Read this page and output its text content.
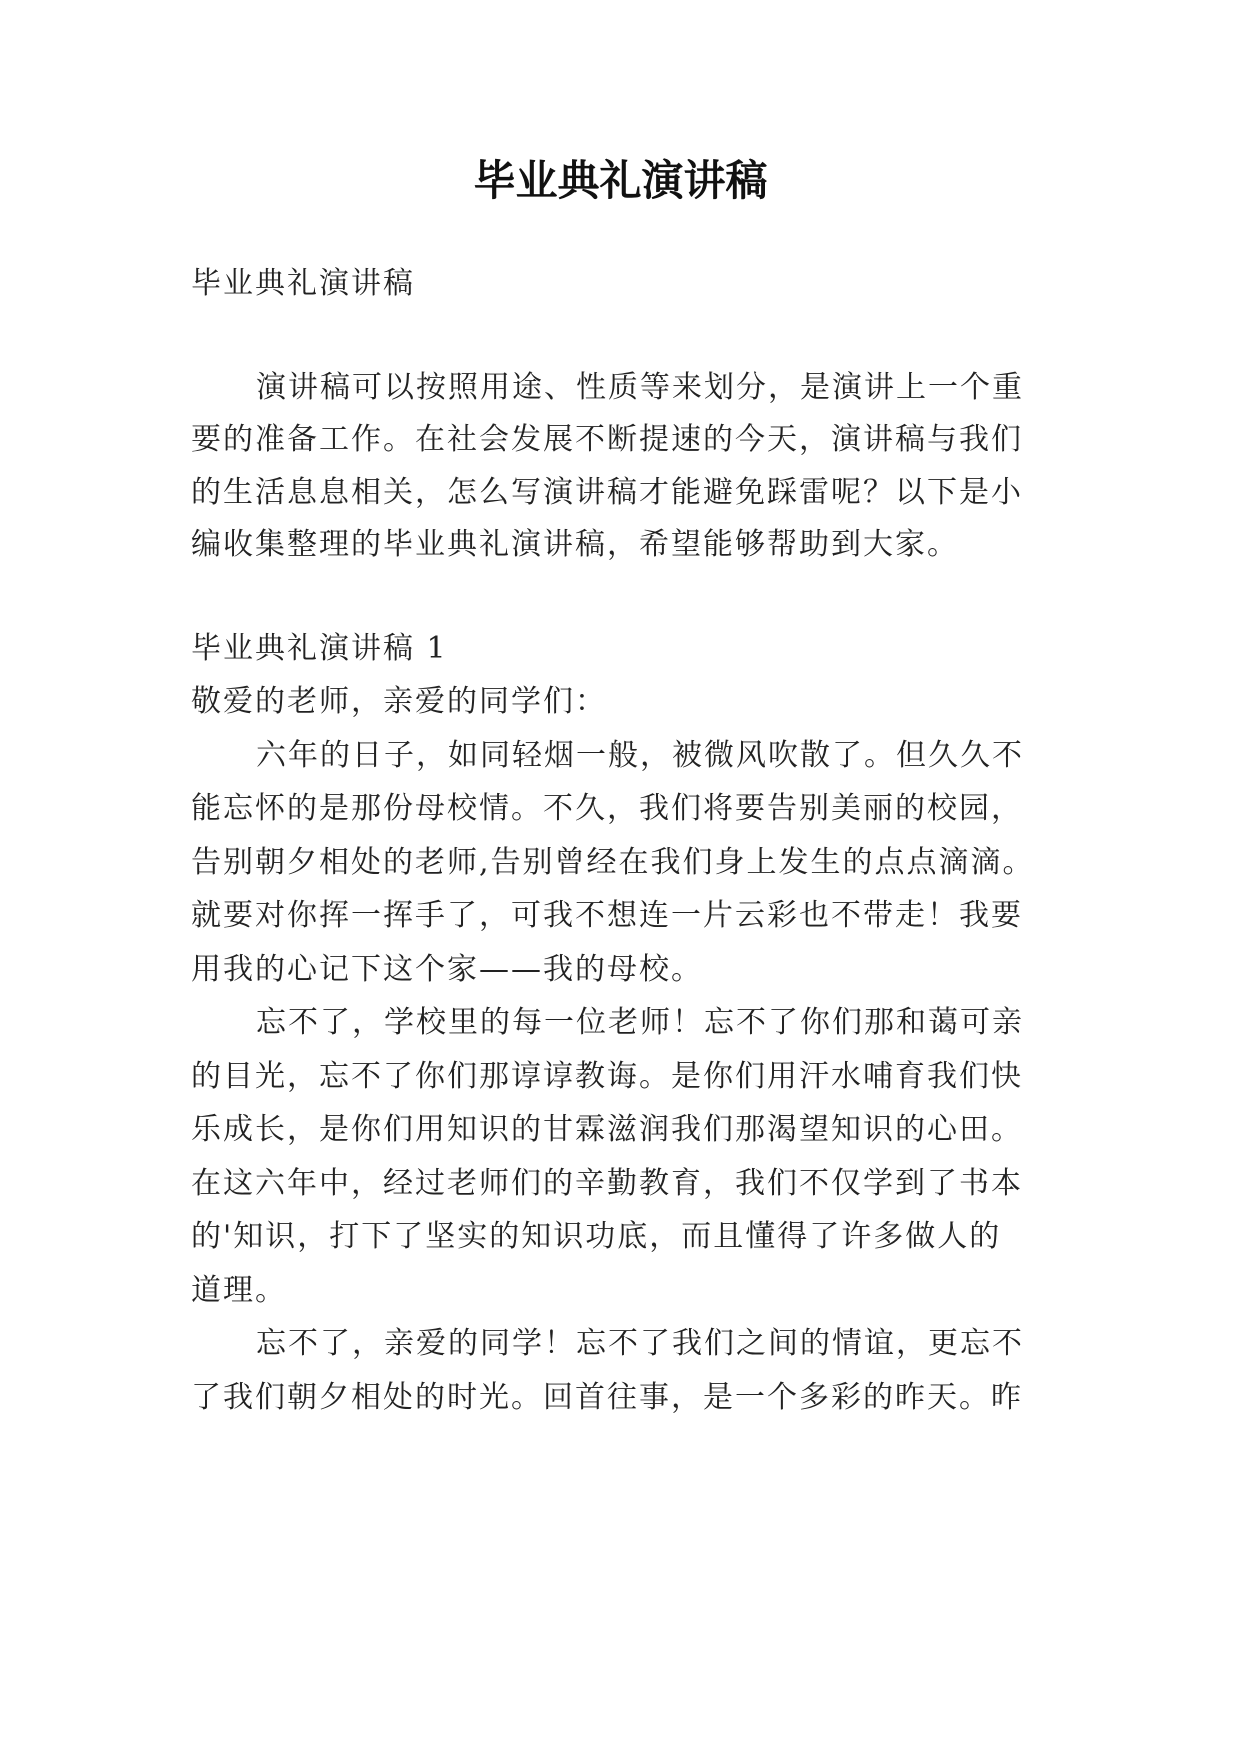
毕业典礼演讲稿
毕业典礼演讲稿
演讲稿可以按照用途、性质等来划分，是演讲上一个重
要的准备工作。在社会发展不断提速的今天，演讲稿与我们
的生活息息相关，怎么写演讲稿才能避免踩雷呢？以下是小
编收集整理的毕业典礼演讲稿，希望能够帮助到大家。
毕业典礼演讲稿 1
敬爱的老师，亲爱的同学们：
六年的日子，如同轻烟一般，被微风吹散了。但久久不
能忘怀的是那份母校情。不久，我们将要告别美丽的校园，
告别朝夕相处的老师,告别曾经在我们身上发生的点点滴滴。
就要对你挥一挥手了，可我不想连一片云彩也不带走！我要
用我的心记下这个家——我的母校。
忘不了，学校里的每一位老师！忘不了你们那和蔼可亲
的目光，忘不了你们那谆谆教诲。是你们用汗水哺育我们快
乐成长，是你们用知识的甘霖滋润我们那渴望知识的心田。
在这六年中，经过老师们的辛勤教育，我们不仅学到了书本
的'知识，打下了坚实的知识功底，而且懂得了许多做人的
道理。
忘不了，亲爱的同学！忘不了我们之间的情谊，更忘不
了我们朝夕相处的时光。回首往事，是一个多彩的昨天。昨
